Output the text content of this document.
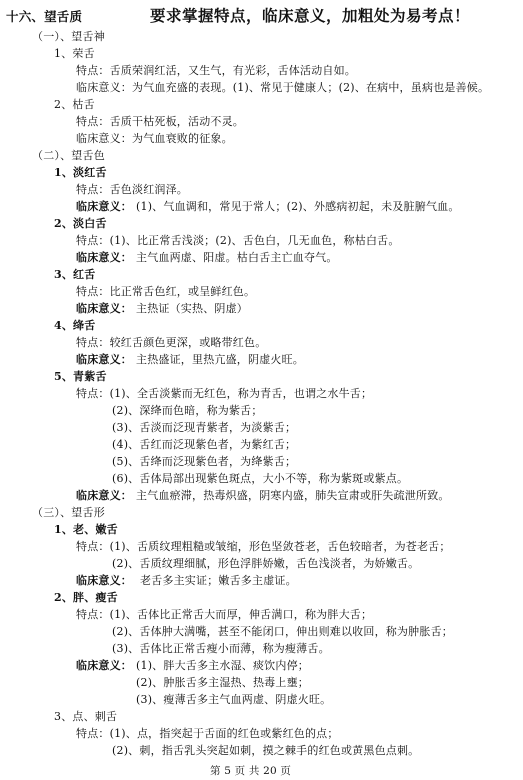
十六、望舌质	要求掌握特点，临床意义，加粗处为易考点！
（一）、望舌神
1、荣舌
特点：舌质荣润红活，又生气，有光彩，舌体活动自如。
临床意义：为气血充盛的表现。(1)、常见于健康人；(2)、在病中，虽病也是善候。
2、枯舌
特点：舌质干枯死板，活动不灵。
临床意义：为气血衰败的征象。
（二）、望舌色
1、淡红舌
特点：舌色淡红润泽。
临床意义： (1)、气血调和，常见于常人；(2)、外感病初起，未及脏腑气血。
2、淡白舌
特点：(1)、比正常舌浅淡；(2)、舌色白，几无血色，称枯白舌。
临床意义： 主气血两虚、阳虚。枯白舌主亡血夺气。
3、红舌
特点：比正常舌色红，或呈鲜红色。
临床意义： 主热证（实热、阴虚）
4、绛舌
特点：较红舌颜色更深，或略带红色。
临床意义： 主热盛证，里热亢盛，阴虚火旺。
5、青紫舌
特点：(1)、全舌淡紫而无红色，称为青舌，也谓之水牛舌；
(2)、深绛而色暗，称为紫舌；
(3)、舌淡而泛现青紫者，为淡紫舌；
(4)、舌红而泛现紫色者，为紫红舌；
(5)、舌绛而泛现紫色者，为绛紫舌；
(6)、舌体局部出现紫色斑点，大小不等，称为紫斑或紫点。
临床意义： 主气血瘀滞，热毒炽盛，阴寒内盛，肺失宣肃或肝失疏泄所致。
（三）、望舌形
1、老、嫩舌
特点：(1)、舌质纹理粗糙或皱缩，形色坚敛苍老，舌色较暗者，为苍老舌；
(2)、舌质纹理细腻，形色浮胖娇嫩，舌色浅淡者，为娇嫩舌。
临床意义： 老舌多主实证；嫩舌多主虚证。
2、胖、瘦舌
特点：(1)、舌体比正常舌大而厚，伸舌满口，称为胖大舌；
(2)、舌体肿大满嘴，甚至不能闭口，伸出则难以收回，称为肿胀舌；
(3)、舌体比正常舌瘦小而薄，称为瘦薄舌。
临床意义： (1)、胖大舌多主水湿、痰饮内停；
(2)、肿胀舌多主湿热、热毒上壅；
(3)、瘦薄舌多主气血两虚、阴虚火旺。
3、点、刺舌
特点：(1)、点，指突起于舌面的红色或紫红色的点；
(2)、刺，指舌乳头突起如刺，摸之棘手的红色或黄黑色点刺。
第 5 页 共 20 页
